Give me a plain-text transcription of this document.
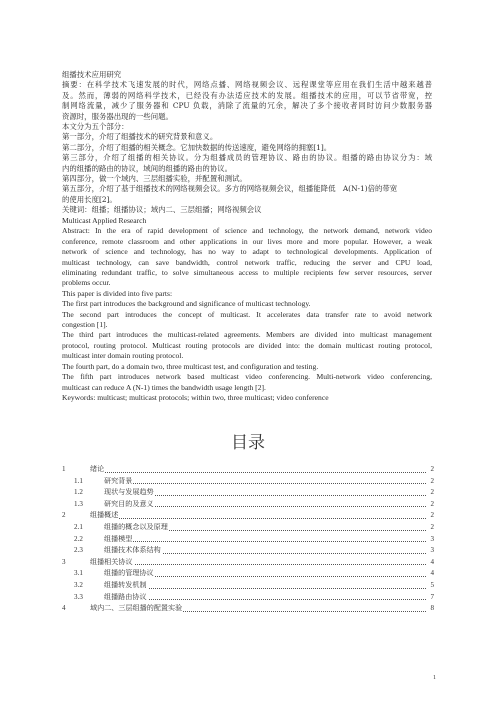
组播技术应用研究
摘要：在科学技术飞速发展的时代，网络点播、网络视频会议、远程课堂等应用在我们生活中越来越普
及。然而，薄弱的网络科学技术，已经没有办法适应技术的发展。组播技术的应用，可以节省带宽，控
制网络流量，减少了服务器和 CPU 负载，消除了流量的冗余，解决了多个接收者同时访问少数服务器
资源时，服务器出现的一些问题。
本文分为五个部分：
第一部分，介绍了组播技术的研究背景和意义。
第二部分，介绍了组播的相关概念。它加快数据的传送速度，避免网络的拥塞[1]。
第三部分，介绍了组播的相关协议。分为组播成员的管理协议、路由的协议。组播的路由协议分为：域
内的组播的路由的协议，域间的组播的路由的协议。
第四部分，做一个域内、三层组播实验，并配置和测试。
第五部分，介绍了基于组播技术的网络视频会议。多方的网络视频会议，组播能降低　A(N-1)倍的带宽
的使用长度[2]。
关键词：组播；组播协议；域内二、三层组播；网络视频会议
Multicast Applied Research
Abstract: In the era of rapid development of science and technology, the network demand, network video
conference, remote classroom and other applications in our lives more and more popular. However, a weak
network of science and technology, has no way to adapt to technological developments. Application of
multicast technology, can save bandwidth, control network traffic, reducing the server and CPU load,
eliminating redundant traffic, to solve simultaneous access to multiple recipients few server resources, server
problems occur.
This paper is divided into five parts:
The first part introduces the background and significance of multicast technology.
The second part introduces the concept of multicast. It accelerates data transfer rate to avoid network
congestion [1].
The third part introduces the multicast-related agreements. Members are divided into multicast management
protocol, routing protocol. Multicast routing protocols are divided into: the domain multicast routing protocol,
multicast inter domain routing protocol.
The fourth part, do a domain two, three multicast test, and configuration and testing.
The fifth part introduces network based multicast video conferencing. Multi-network video conferencing,
multicast can reduce A (N-1) times the bandwidth usage length [2].
Keywords: multicast; multicast protocols; within two, three multicast; video conference
目录
1	绪论	2
1.1	研究背景	2
1.2	现状与发展趋势	2
1.3	研究目的及意义	2
2	组播概述	2
2.1	组播的概念以及原理	2
2.2	组播模型	3
2.3	组播技术体系结构	3
3	组播相关协议	4
3.1	组播的管理协议	4
3.2	组播转发机制	5
3.3	组播路由协议	7
4	域内二、三层组播的配置实验	8
1
